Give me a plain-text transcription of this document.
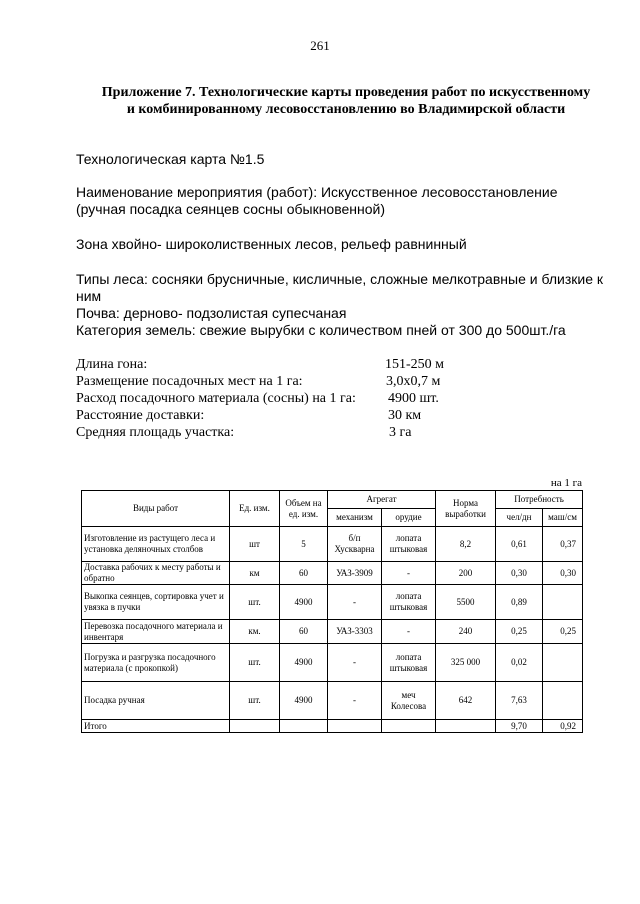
261
Приложение 7. Технологические карты проведения работ по искусственному
и комбинированному лесовосстановлению во Владимирской области
Технологическая карта №1.5
Наименование мероприятия (работ): Искусственное лесовосстановление
(ручная посадка сеянцев сосны обыкновенной)
Зона хвойно- широколиственных лесов, рельеф равнинный
Типы леса: сосняки брусничные, кисличные, сложные мелкотравные и близкие к ним
Почва: дерново- подзолистая супесчаная
Категория земель: свежие вырубки с количеством пней от 300 до 500шт./га
Длина гона:	151-250 м
Размещение посадочных мест на 1 га:	3,0х0,7 м
Расход посадочного материала (сосны) на 1 га: 4900 шт.
Расстояние доставки:	30 км
Средняя площадь участка:	3 га
на 1 га
Виды работ	Ед. изм.	Объем на ед. изм.	Агрегат		Норма выработки	Потребность	
			механизм	орудие		чел/дн	маш/см
Изготовление из растущего леса и установка деляночных столбов	шт	5	б/п Хускварна	лопата штыковая	8,2	0,61	0,37
Доставка рабочих к месту работы и обратно	км	60	УАЗ-3909	-	200	0,30	0,30
Выкопка сеянцев, сортировка учет и увязка в пучки	шт.	4900	-	лопата штыковая	5500	0,89	
Перевозка посадочного материала и инвентаря	км.	60	УАЗ-3303	-	240	0,25	0,25
Погрузка и разгрузка посадочного материала (с прокопкой)	шт.	4900	-	лопата штыковая	325 000	0,02	
Посадка ручная	шт.	4900	-	меч Колесова	642	7,63	
Итого						9,70	0,92
